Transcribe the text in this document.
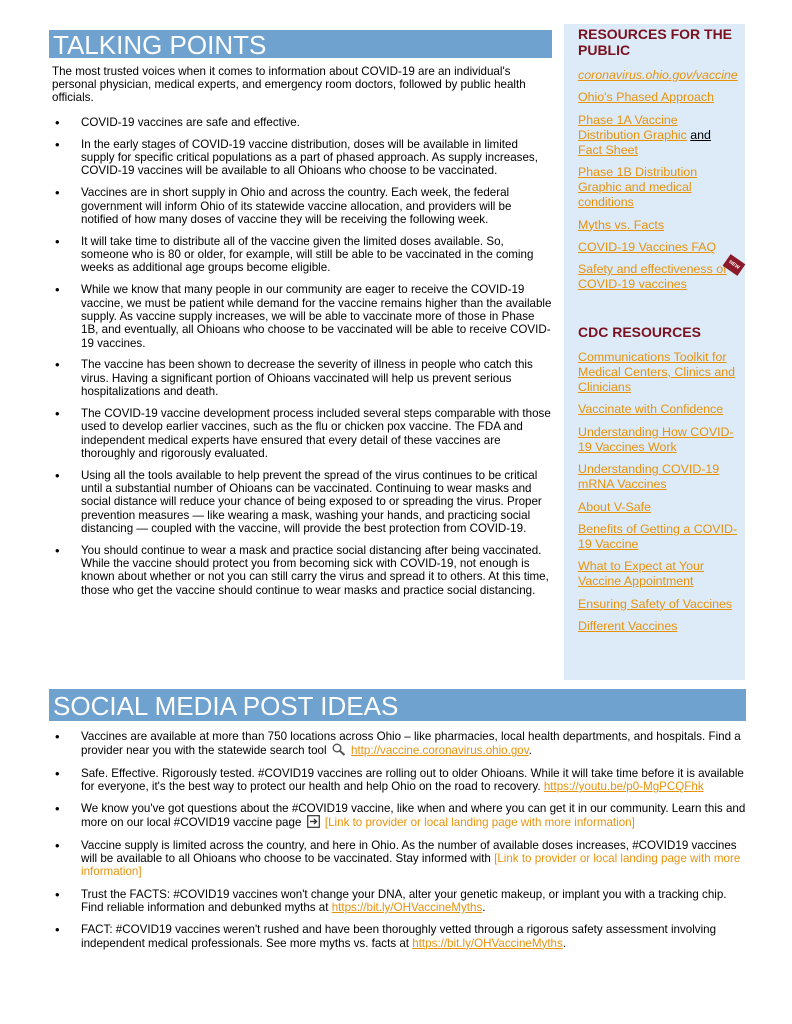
TALKING POINTS

The most trusted voices when it comes to information about COVID-19 are an individual's personal physician, medical experts, and emergency room doctors, followed by public health officials.

• COVID-19 vaccines are safe and effective.
• In the early stages of COVID-19 vaccine distribution, doses will be available in limited supply for specific critical populations as a part of phased approach. As supply increases, COVID-19 vaccines will be available to all Ohioans who choose to be vaccinated.
• Vaccines are in short supply in Ohio and across the country. Each week, the federal government will inform Ohio of its statewide vaccine allocation, and providers will be notified of how many doses of vaccine they will be receiving the following week.
• It will take time to distribute all of the vaccine given the limited doses available. So, someone who is 80 or older, for example, will still be able to be vaccinated in the coming weeks as additional age groups become eligible.
• While we know that many people in our community are eager to receive the COVID-19 vaccine, we must be patient while demand for the vaccine remains higher than the available supply. As vaccine supply increases, we will be able to vaccinate more of those in Phase 1B, and eventually, all Ohioans who choose to be vaccinated will be able to receive COVID-19 vaccines.
• The vaccine has been shown to decrease the severity of illness in people who catch this virus. Having a significant portion of Ohioans vaccinated will help us prevent serious hospitalizations and death.
• The COVID-19 vaccine development process included several steps comparable with those used to develop earlier vaccines, such as the flu or chicken pox vaccine. The FDA and independent medical experts have ensured that every detail of these vaccines are thoroughly and rigorously evaluated.
• Using all the tools available to help prevent the spread of the virus continues to be critical until a substantial number of Ohioans can be vaccinated. Continuing to wear masks and social distance will reduce your chance of being exposed to or spreading the virus. Proper prevention measures — like wearing a mask, washing your hands, and practicing social distancing — coupled with the vaccine, will provide the best protection from COVID-19.
• You should continue to wear a mask and practice social distancing after being vaccinated. While the vaccine should protect you from becoming sick with COVID-19, not enough is known about whether or not you can still carry the virus and spread it to others. At this time, those who get the vaccine should continue to wear masks and practice social distancing.
RESOURCES FOR THE PUBLIC
coronavirus.ohio.gov/vaccine
Ohio's Phased Approach
Phase 1A Vaccine Distribution Graphic and
Fact Sheet
Phase 1B Distribution Graphic and medical conditions
Myths vs. Facts
COVID-19 Vaccines FAQ
Safety and effectiveness of COVID-19 vaccines
NEW
CDC RESOURCES
Communications Toolkit for Medical Centers, Clinics and Clinicians
Vaccinate with Confidence
Understanding How COVID-19 Vaccines Work
Understanding COVID-19 mRNA Vaccines
About V-Safe
Benefits of Getting a COVID-19 Vaccine
What to Expect at Your Vaccine Appointment
Ensuring Safety of Vaccines
Different Vaccines
SOCIAL MEDIA POST IDEAS
• Vaccines are available at more than 750 locations across Ohio – like pharmacies, local health departments, and hospitals. Find a provider near you with the statewide search tool http://vaccine.coronavirus.ohio.gov.
• Safe. Effective. Rigorously tested. #COVID19 vaccines are rolling out to older Ohioans. While it will take time before it is available for everyone, it's the best way to protect our health and help Ohio on the road to recovery. https://youtu.be/p0-MgPCQFhk
• We know you've got questions about the #COVID19 vaccine, like when and where you can get it in our community. Learn this and more on our local #COVID19 vaccine page [Link to provider or local landing page with more information]
• Vaccine supply is limited across the country, and here in Ohio. As the number of available doses increases, #COVID19 vaccines will be available to all Ohioans who choose to be vaccinated. Stay informed with [Link to provider or local landing page with more information]
• Trust the FACTS: #COVID19 vaccines won't change your DNA, alter your genetic makeup, or implant you with a tracking chip. Find reliable information and debunked myths at https://bit.ly/OHVaccineMyths.
• FACT: #COVID19 vaccines weren't rushed and have been thoroughly vetted through a rigorous safety assessment involving independent medical professionals. See more myths vs. facts at https://bit.ly/OHVaccineMyths.
